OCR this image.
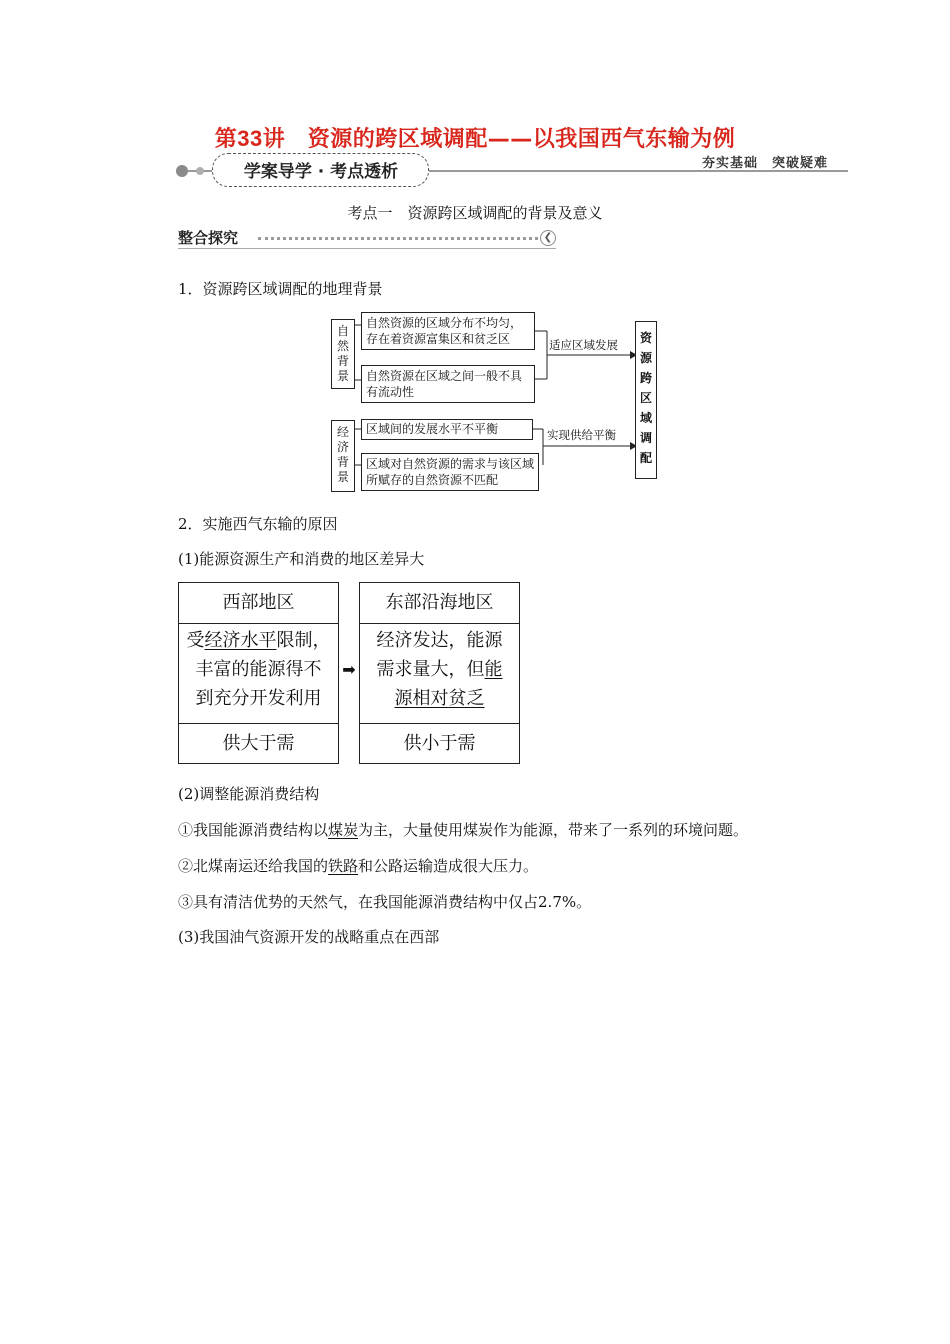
第33讲　资源的跨区域调配——以我国西气东输为例
学案导学 · 考点透析	夯实基础　突破疑难
考点一　资源跨区域调配的背景及意义
整合探究	❮
1．资源跨区域调配的地理背景
自然背景
自然资源的区域分布不均匀，存在着资源富集区和贫乏区
自然资源在区域之间一般不具有流动性
适应区域发展
经济背景
区域间的发展水平不平衡
区域对自然资源的需求与该区域所赋存的自然资源不匹配
实现供给平衡
资源跨区域调配
2．实施西气东输的原因
(1)能源资源生产和消费的地区差异大
西部地区
受经济水平限制，
丰富的能源得不
到充分开发利用
供大于需
➡
东部沿海地区
经济发达，能源
需求量大，但能
源相对贫乏
供小于需
(2)调整能源消费结构
①我国能源消费结构以煤炭为主，大量使用煤炭作为能源，带来了一系列的环境问题。
②北煤南运还给我国的铁路和公路运输造成很大压力。
③具有清洁优势的天然气，在我国能源消费结构中仅占2.7%。
(3)我国油气资源开发的战略重点在西部
